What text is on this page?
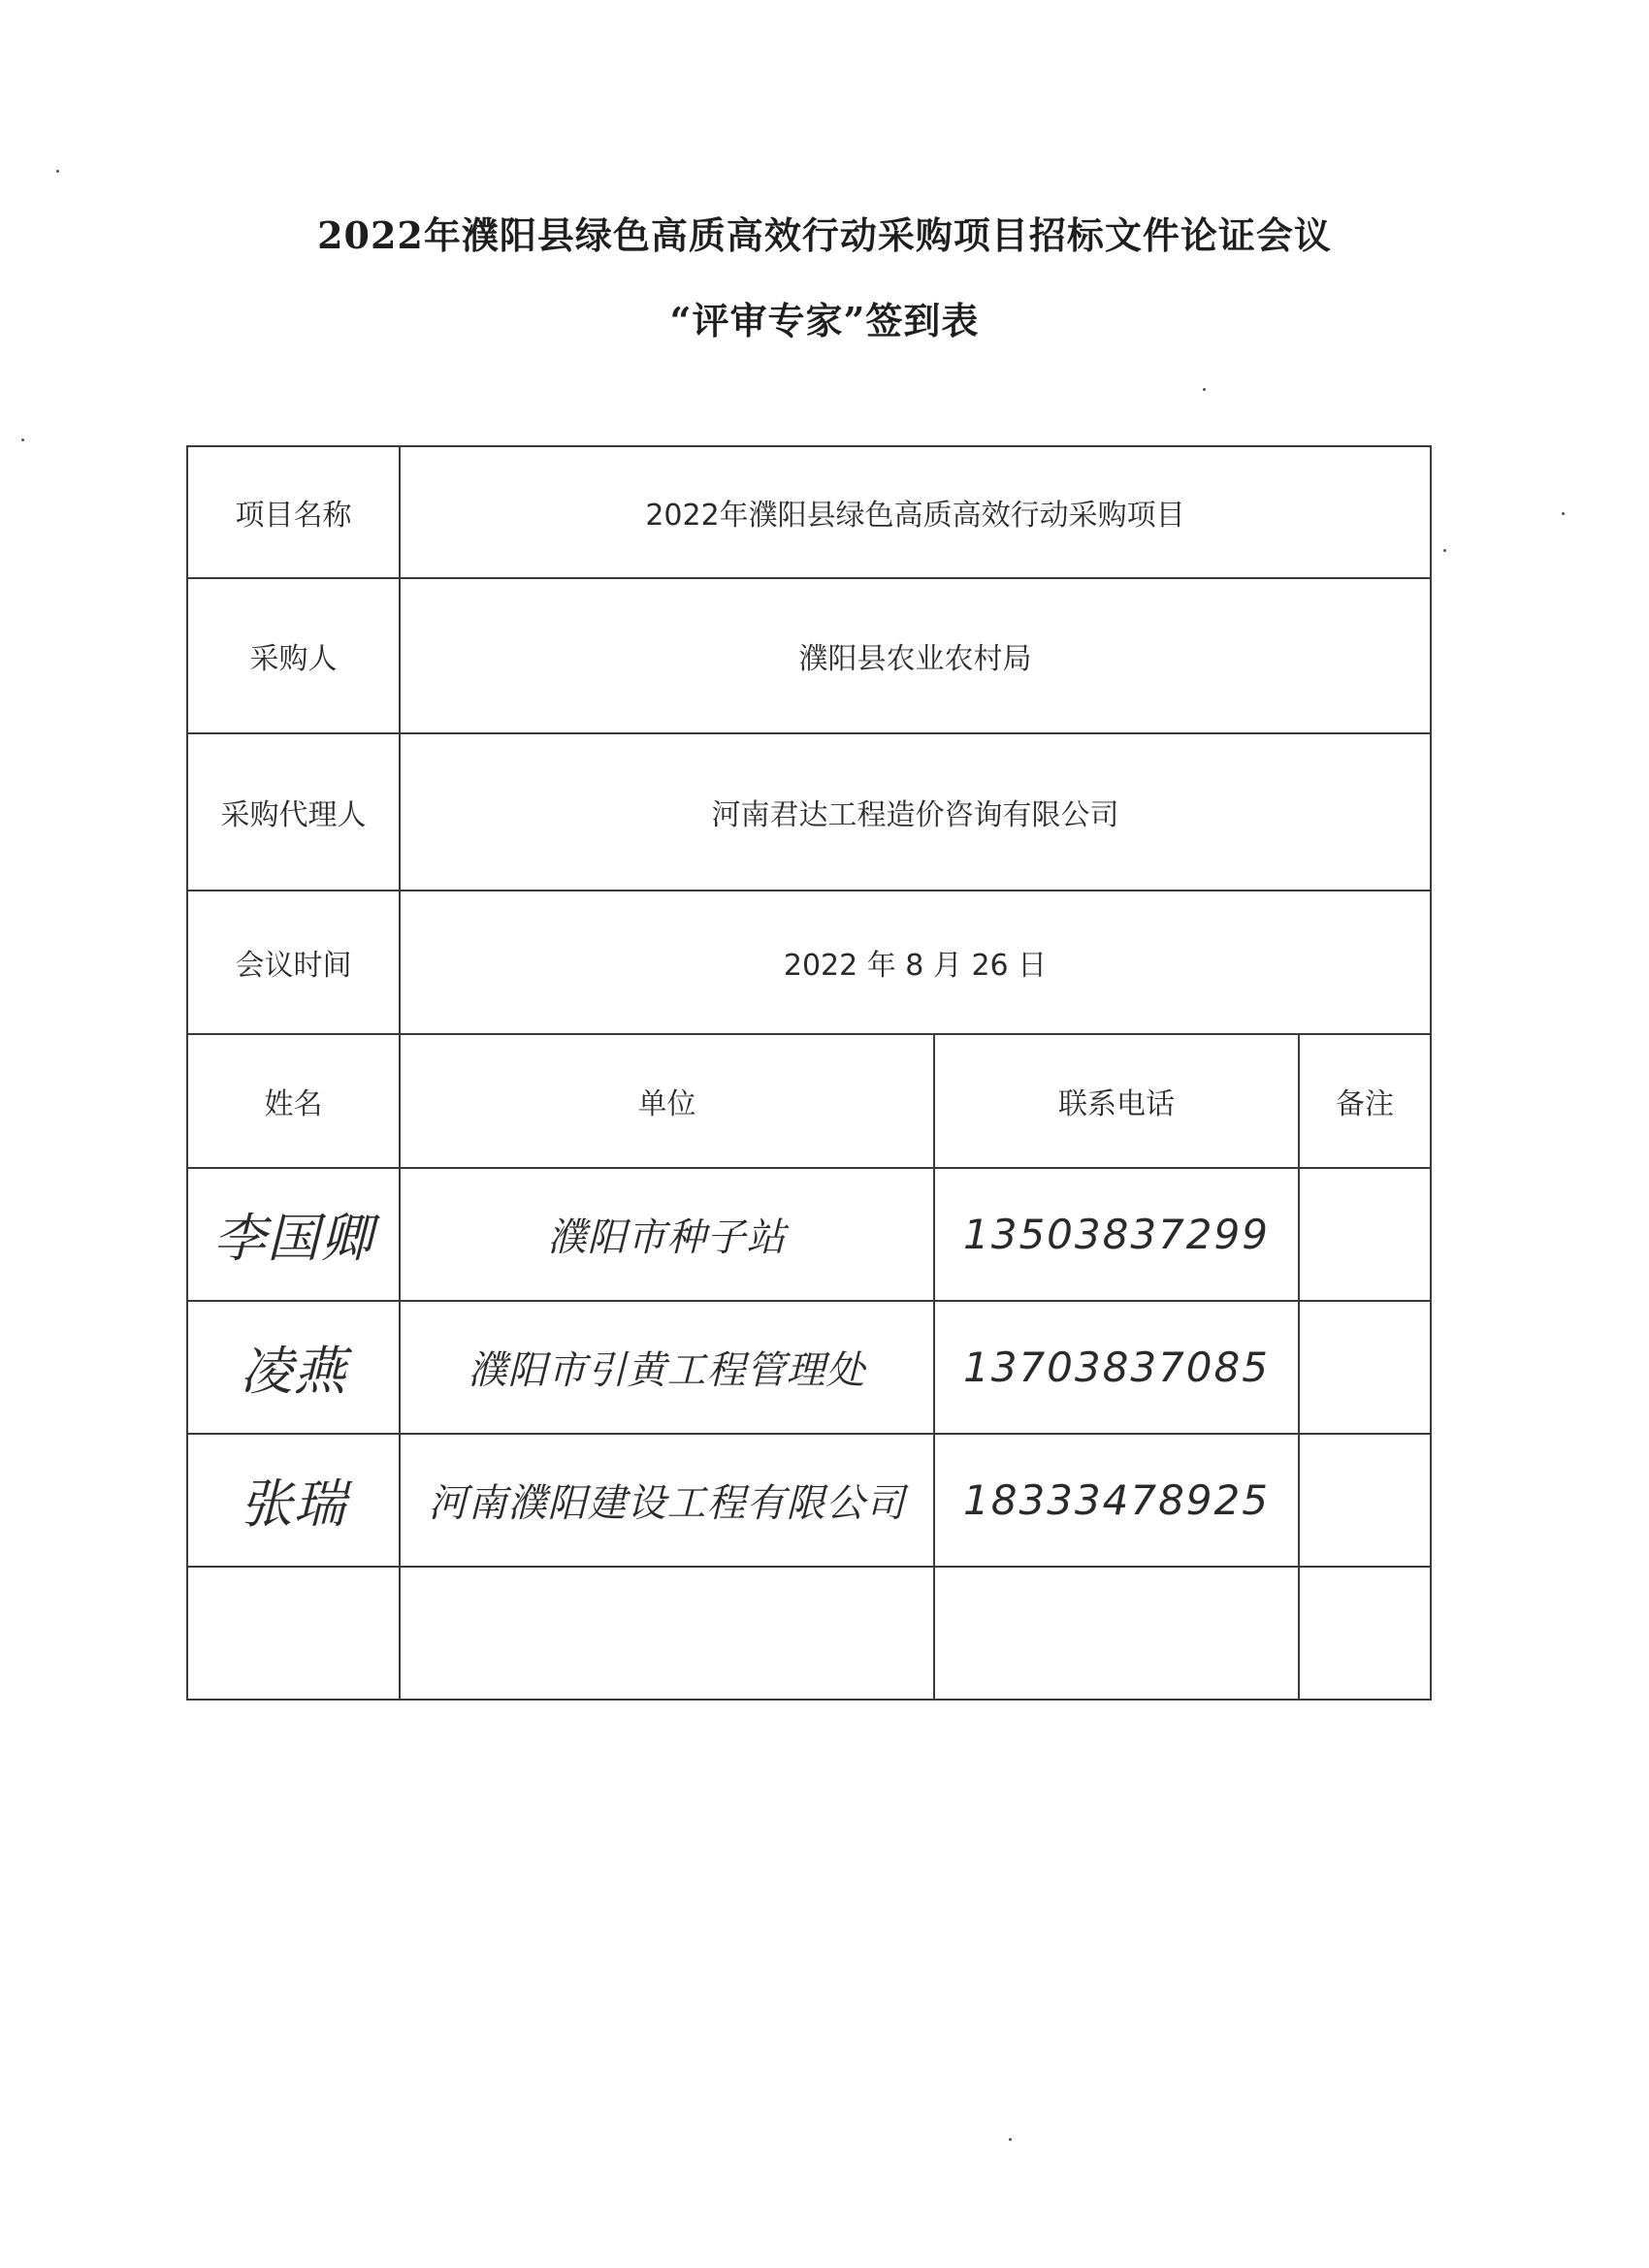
2022年濮阳县绿色高质高效行动采购项目招标文件论证会议
“评审专家”签到表
项目名称	2022年濮阳县绿色高质高效行动采购项目		
采购人	濮阳县农业农村局		
采购代理人	河南君达工程造价咨询有限公司		
会议时间	2022 年 8 月 26 日		
姓名	单位	联系电话	备注
李国卿	濮阳市种子站	13503837299	
凌燕	濮阳市引黄工程管理处	13703837085	
张瑞	河南濮阳建设工程有限公司	18333478925	
